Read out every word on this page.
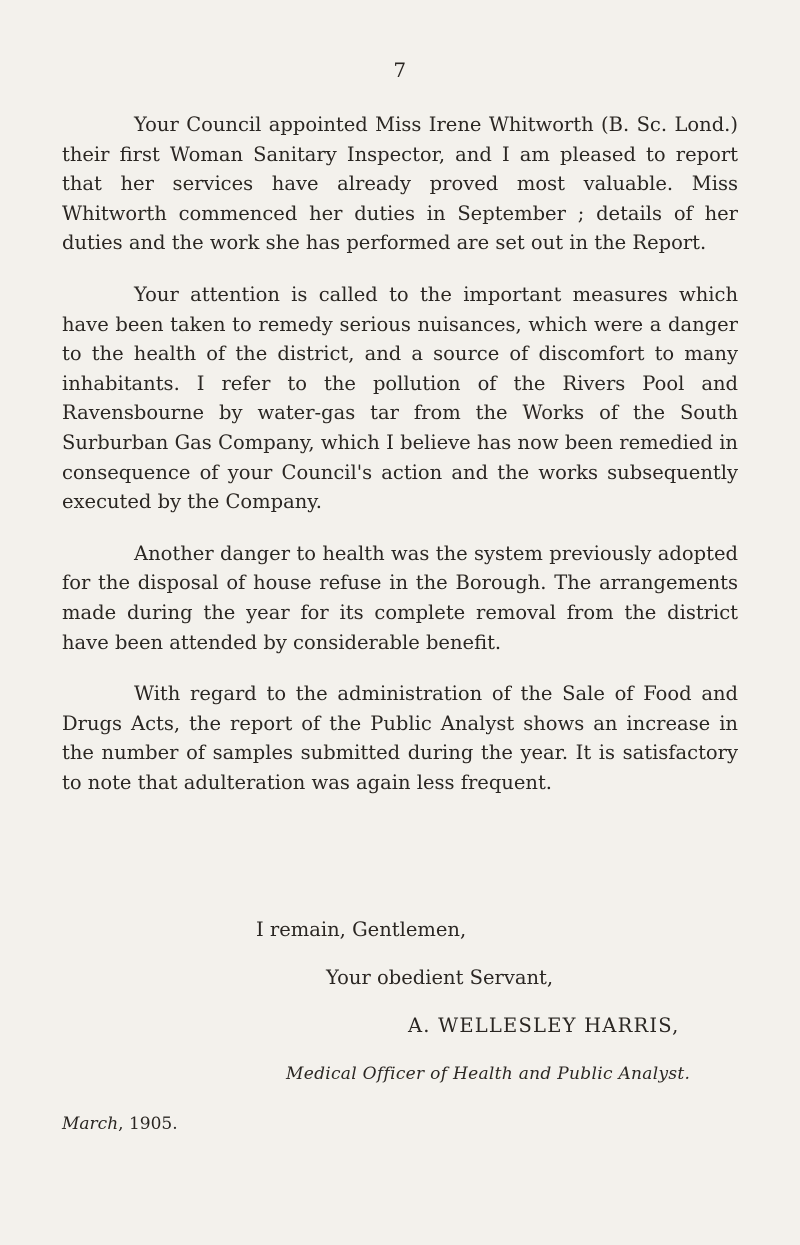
7

Your Council appointed Miss Irene Whitworth (B. Sc. Lond.) their first Woman Sanitary Inspector, and I am pleased to report that her services have already proved most valuable. Miss Whitworth commenced her duties in September ; details of her duties and the work she has performed are set out in the Report.

Your attention is called to the important measures which have been taken to remedy serious nuisances, which were a danger to the health of the district, and a source of discomfort to many inhabitants. I refer to the pollution of the Rivers Pool and Ravensbourne by water-gas tar from the Works of the South Surburban Gas Company, which I believe has now been remedied in consequence of your Council's action and the works subsequently executed by the Company.

Another danger to health was the system previously adopted for the disposal of house refuse in the Borough. The arrangements made during the year for its complete removal from the district have been attended by considerable benefit.

With regard to the administration of the Sale of Food and Drugs Acts, the report of the Public Analyst shows an increase in the number of samples submitted during the year. It is satisfactory to note that adulteration was again less frequent.

I remain, Gentlemen,
Your obedient Servant,
A. WELLESLEY HARRIS,
Medical Officer of Health and Public Analyst.
March, 1905.
